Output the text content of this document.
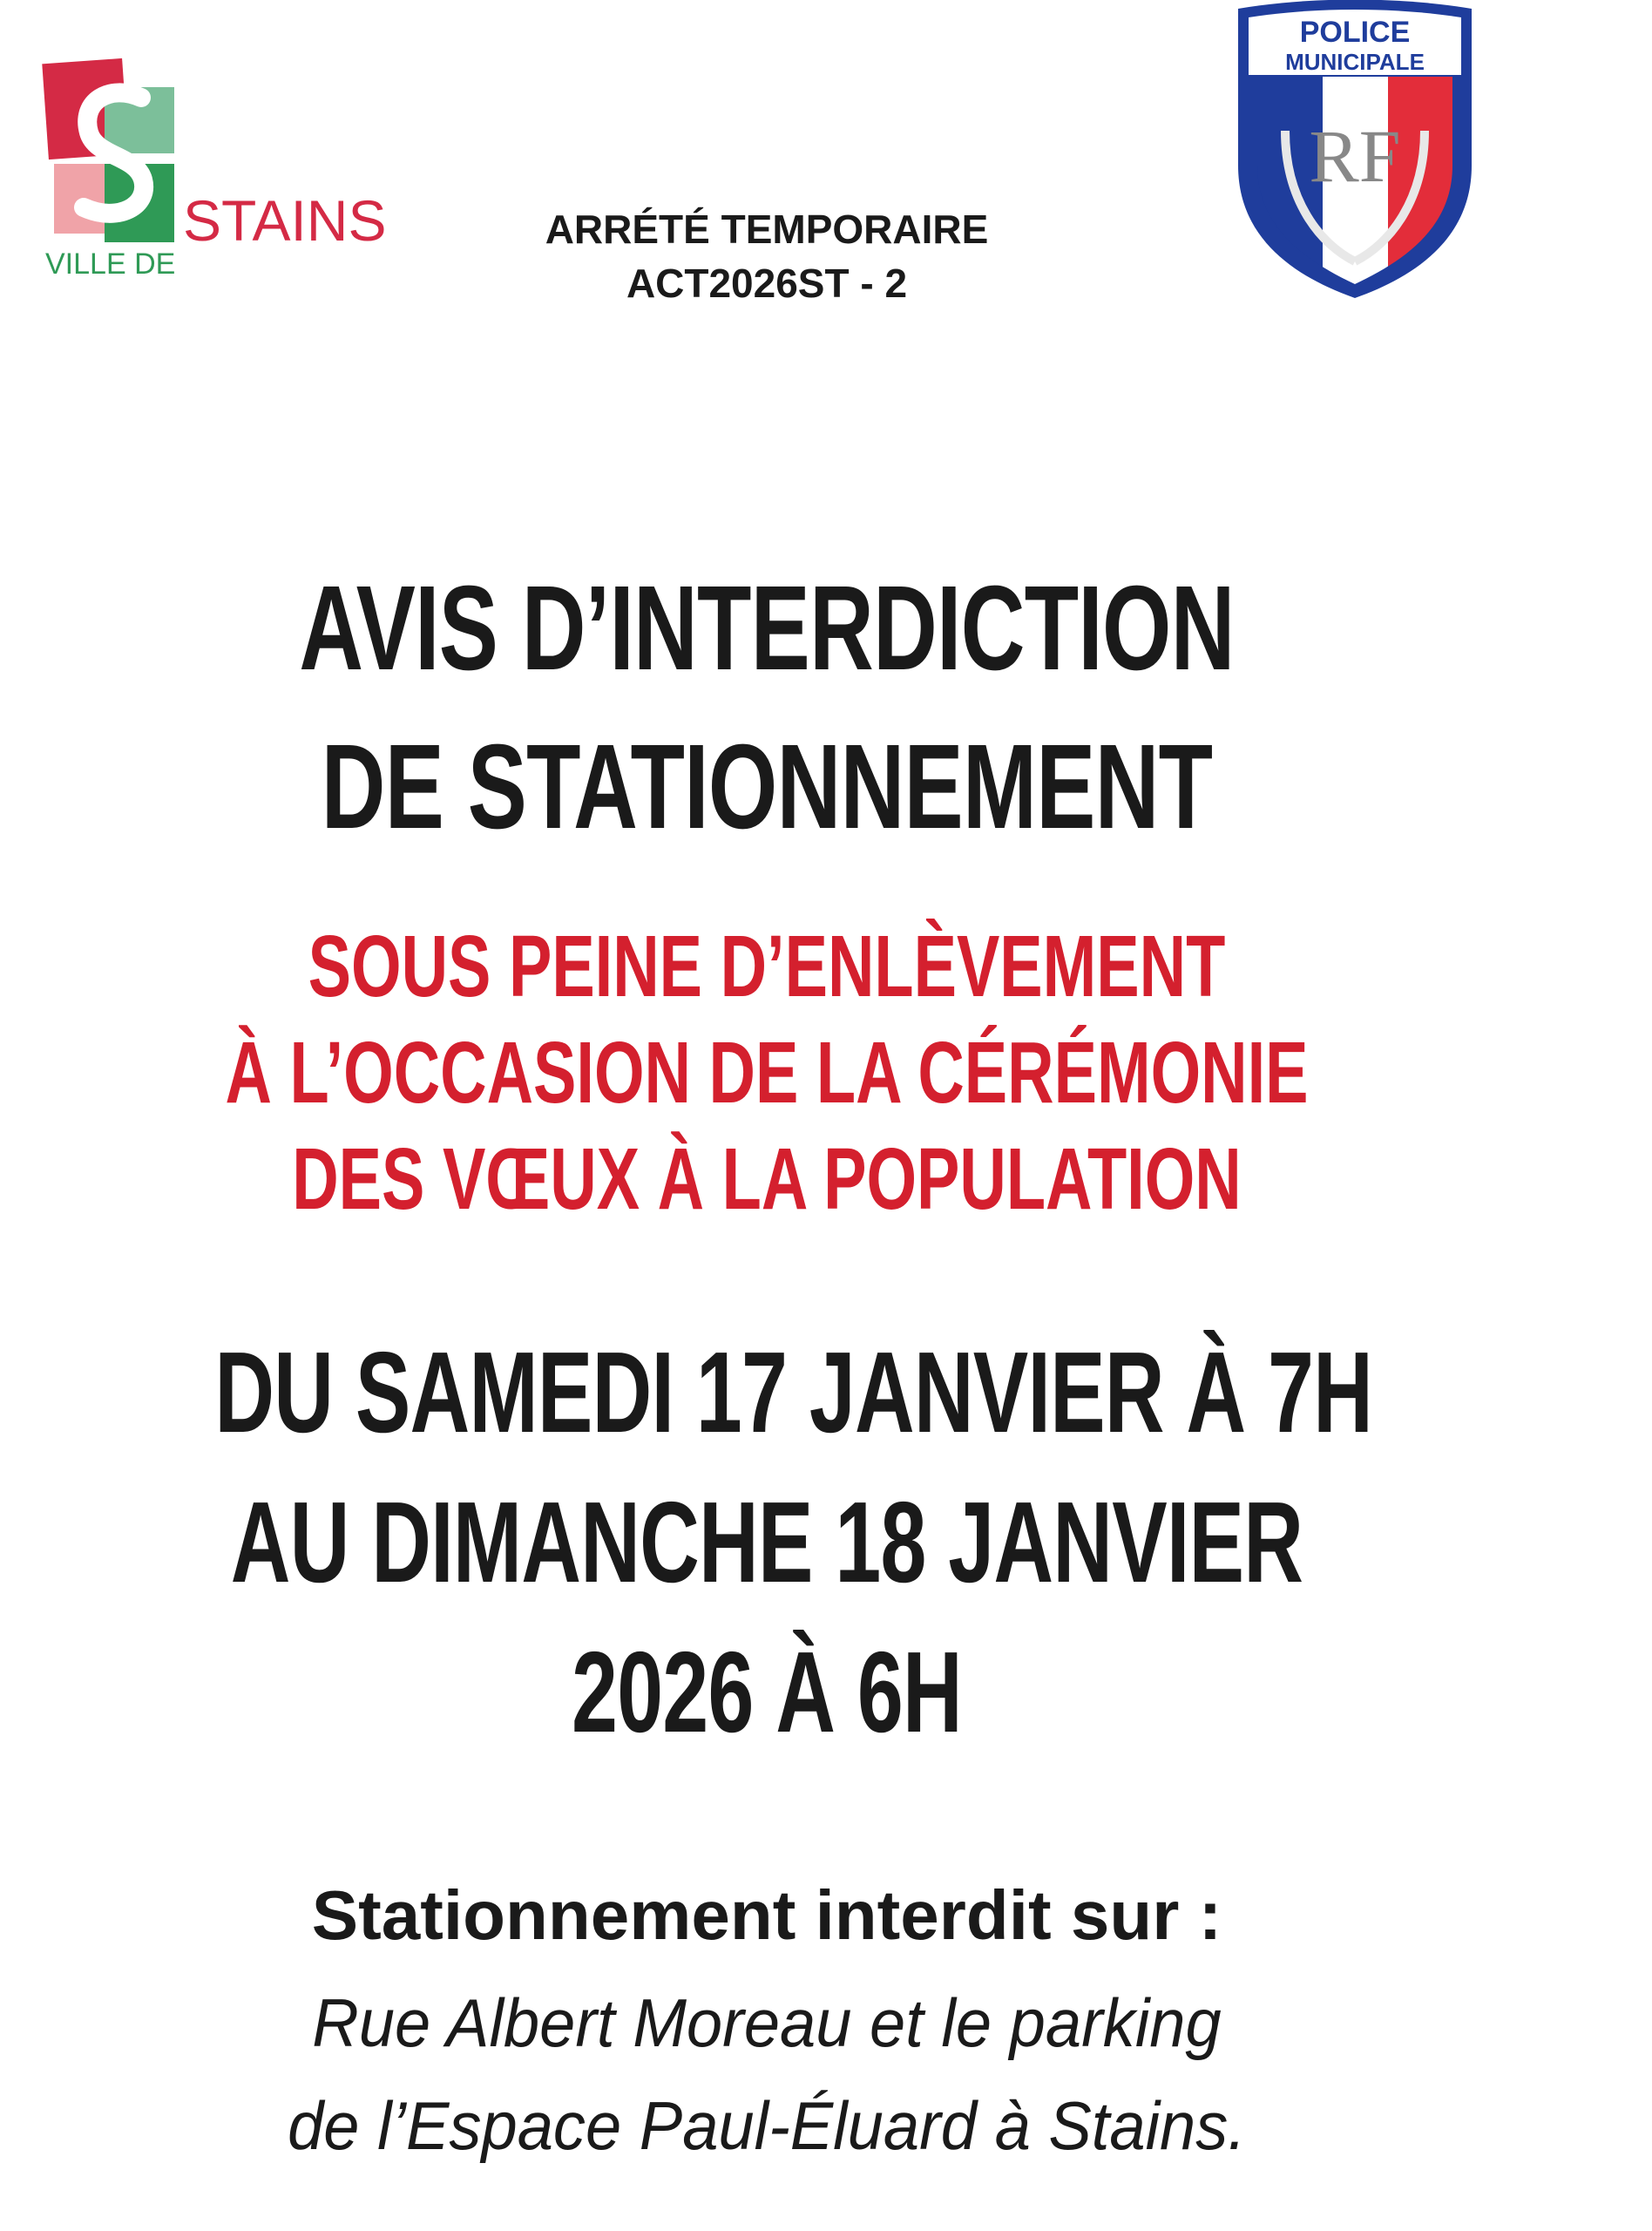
STAINS
VILLE DE
ARRÉTÉ TEMPORAIRE
ACT2026ST - 2
POLICE
MUNICIPALE
RF
AVIS D’INTERDICTION
DE STATIONNEMENT
SOUS PEINE D’ENLÈVEMENT
À L’OCCASION DE LA CÉRÉMONIE
DES VŒUX À LA POPULATION
DU SAMEDI 17 JANVIER À 7H
AU DIMANCHE 18 JANVIER
2026 À 6H
Stationnement interdit sur :
Rue Albert Moreau et le parking
de l’Espace Paul-Éluard à Stains.
